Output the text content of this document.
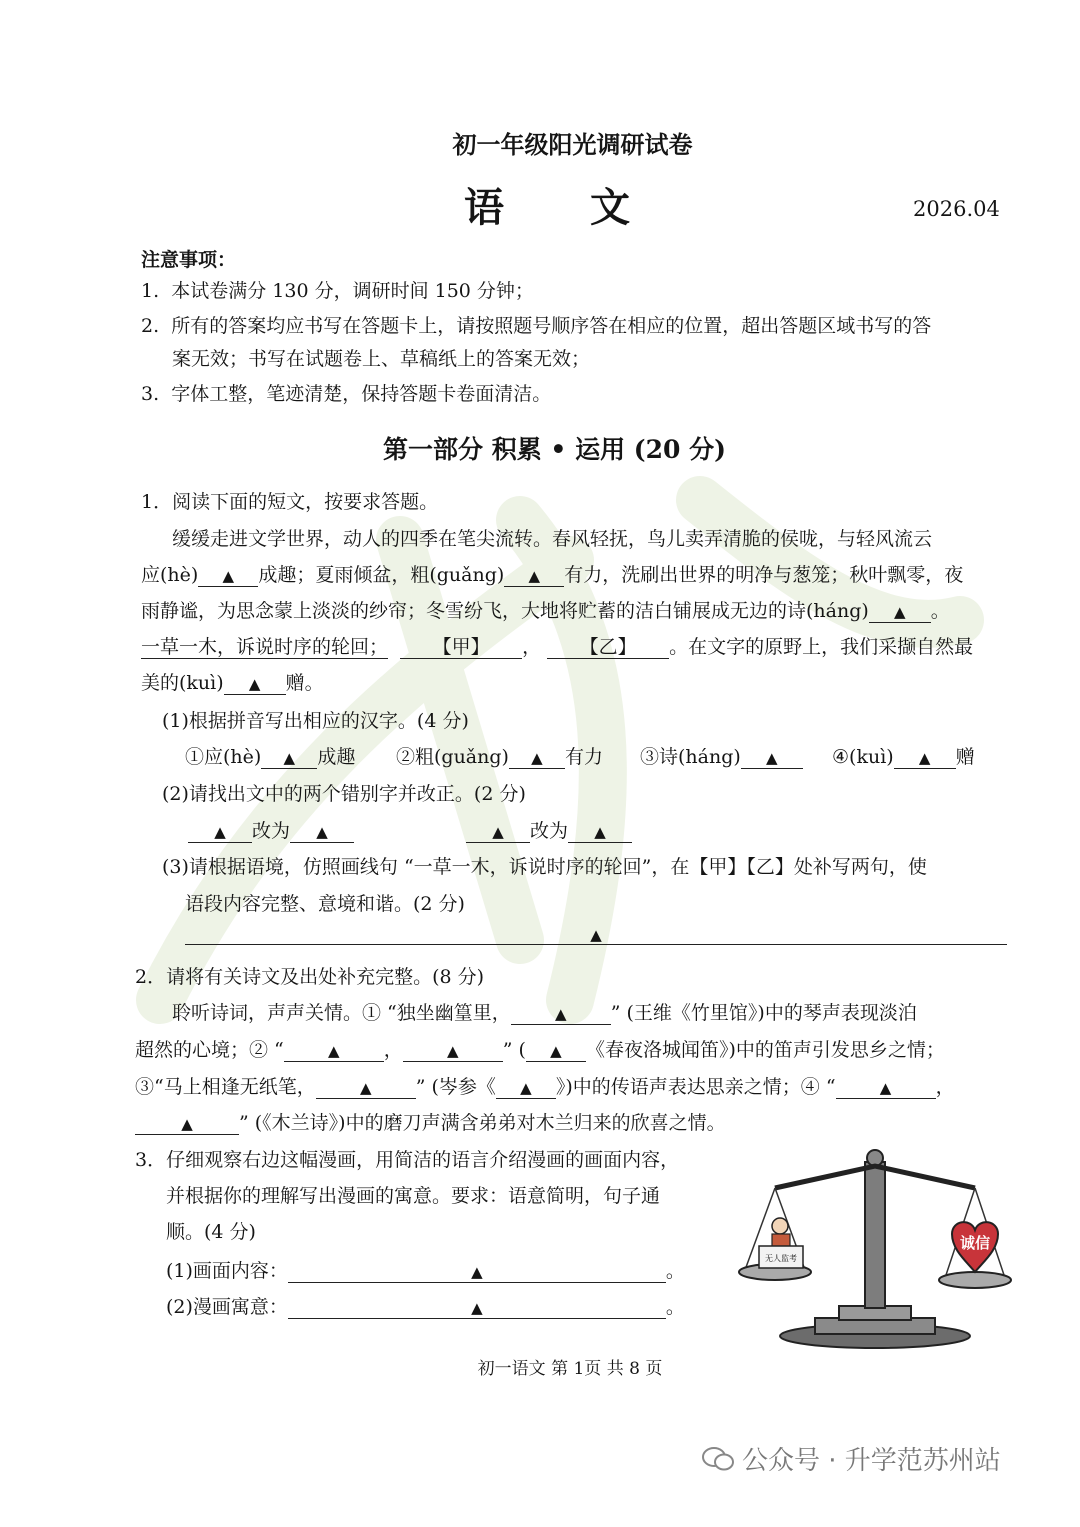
初一年级阳光调研试卷
语 文	2026.04
注意事项：
1. 本试卷满分 130 分，调研时间 150 分钟；
2. 所有的答案均应书写在答题卡上，请按照题号顺序答在相应的位置，超出答题区域书写的答
案无效；书写在试题卷上、草稿纸上的答案无效；
3. 字体工整，笔迹清楚，保持答题卡卷面清洁。
第一部分 积累 • 运用 (20 分)
1．阅读下面的短文，按要求答题。
缓缓走进文学世界，动人的四季在笔尖流转。春风轻抚，鸟儿卖弄清脆的侯咙，与轻风流云
应(hè) ▲ 成趣；夏雨倾盆，粗(guǎng) ▲ 有力，洗刷出世界的明净与葱笼；秋叶飘零，夜
雨静谧，为思念蒙上淡淡的纱帘；冬雪纷飞，大地将贮蓄的洁白铺展成无边的诗(háng) ▲ 。
一草一木，诉说时序的轮回； 【甲】 ， 【乙】 。在文字的原野上，我们采撷自然最
美的(kuì) ▲ 赠。
(1)根据拼音写出相应的汉字。(4 分)
①应(hè) ▲ 成趣 ②粗(guǎng) ▲ 有力 ③诗(háng) ▲	④(kuì) ▲ 赠
(2)请找出文中的两个错别字并改正。(2 分)
▲ 改为 ▲	▲ 改为 ▲
(3)请根据语境，仿照画线句 “一草一木，诉说时序的轮回”，在【甲】【乙】处补写两句，使
语段内容完整、意境和谐。(2 分)
▲
2．请将有关诗文及出处补充完整。(8 分)
聆听诗词，声声关情。① “独坐幽篁里，	▲ ” (王维《竹里馆》)中的琴声表现淡泊
超然的心境；② “	▲ ，	▲ ” ( ▲ 《春夜洛城闻笛》)中的笛声引发思乡之情；
③“马上相逢无纸笔，	▲ ” (岑参《 ▲ 》)中的传语声表达思亲之情；④ “	▲ ，
▲ ” (《木兰诗》)中的磨刀声满含弟弟对木兰归来的欣喜之情。
3．仔细观察右边这幅漫画，用简洁的语言介绍漫画的画面内容，
并根据你的理解写出漫画的寓意。要求：语意简明，句子通
顺。(4 分)
(1)画面内容：	▲	。
(2)漫画寓意：	▲	。
无人监考
诚信
初一语文 第 1页 共 8 页
公众号 · 升学范苏州站
